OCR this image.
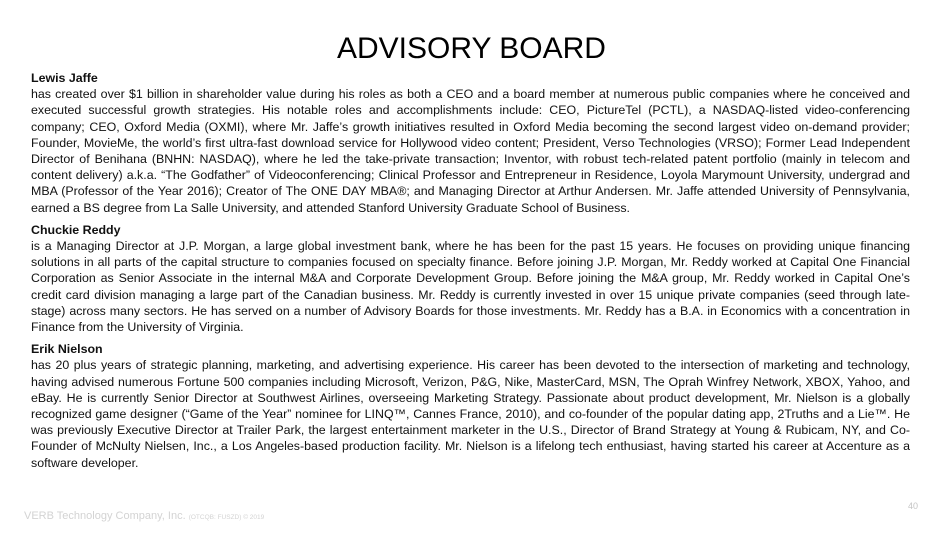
ADVISORY BOARD
Lewis Jaffe
has created over $1 billion in shareholder value during his roles as both a CEO and a board member at numerous public companies where he conceived and executed successful growth strategies. His notable roles and accomplishments include: CEO, PictureTel (PCTL), a NASDAQ-listed video-conferencing company; CEO, Oxford Media (OXMI), where Mr. Jaffe’s growth initiatives resulted in Oxford Media becoming the second largest video on-demand provider; Founder, MovieMe, the world’s first ultra-fast download service for Hollywood video content; President, Verso Technologies (VRSO); Former Lead Independent Director of Benihana (BNHN: NASDAQ), where he led the take-private transaction; Inventor, with robust tech-related patent portfolio (mainly in telecom and content delivery) a.k.a. “The Godfather” of Videoconferencing; Clinical Professor and Entrepreneur in Residence, Loyola Marymount University, undergrad and MBA (Professor of the Year 2016); Creator of The ONE DAY MBA®; and Managing Director at Arthur Andersen. Mr. Jaffe attended University of Pennsylvania, earned a BS degree from La Salle University, and attended Stanford University Graduate School of Business.
Chuckie Reddy
is a Managing Director at J.P. Morgan, a large global investment bank, where he has been for the past 15 years. He focuses on providing unique financing solutions in all parts of the capital structure to companies focused on specialty finance. Before joining J.P. Morgan, Mr. Reddy worked at Capital One Financial Corporation as Senior Associate in the internal M&A and Corporate Development Group. Before joining the M&A group, Mr. Reddy worked in Capital One’s credit card division managing a large part of the Canadian business. Mr. Reddy is currently invested in over 15 unique private companies (seed through late-stage) across many sectors. He has served on a number of Advisory Boards for those investments. Mr. Reddy has a B.A. in Economics with a concentration in Finance from the University of Virginia.
Erik Nielson
has 20 plus years of strategic planning, marketing, and advertising experience. His career has been devoted to the intersection of marketing and technology, having advised numerous Fortune 500 companies including Microsoft, Verizon, P&G, Nike, MasterCard, MSN, The Oprah Winfrey Network, XBOX, Yahoo, and eBay. He is currently Senior Director at Southwest Airlines, overseeing Marketing Strategy. Passionate about product development, Mr. Nielson is a globally recognized game designer (“Game of the Year” nominee for LINQ™, Cannes France, 2010), and co-founder of the popular dating app, 2Truths and a Lie™. He was previously Executive Director at Trailer Park, the largest entertainment marketer in the U.S., Director of Brand Strategy at Young & Rubicam, NY, and Co-Founder of McNulty Nielsen, Inc., a Los Angeles-based production facility. Mr. Nielson is a lifelong tech enthusiast, having started his career at Accenture as a software developer.
VERB Technology Company, Inc. (OTCQB: FUSZD) © 2019
40
